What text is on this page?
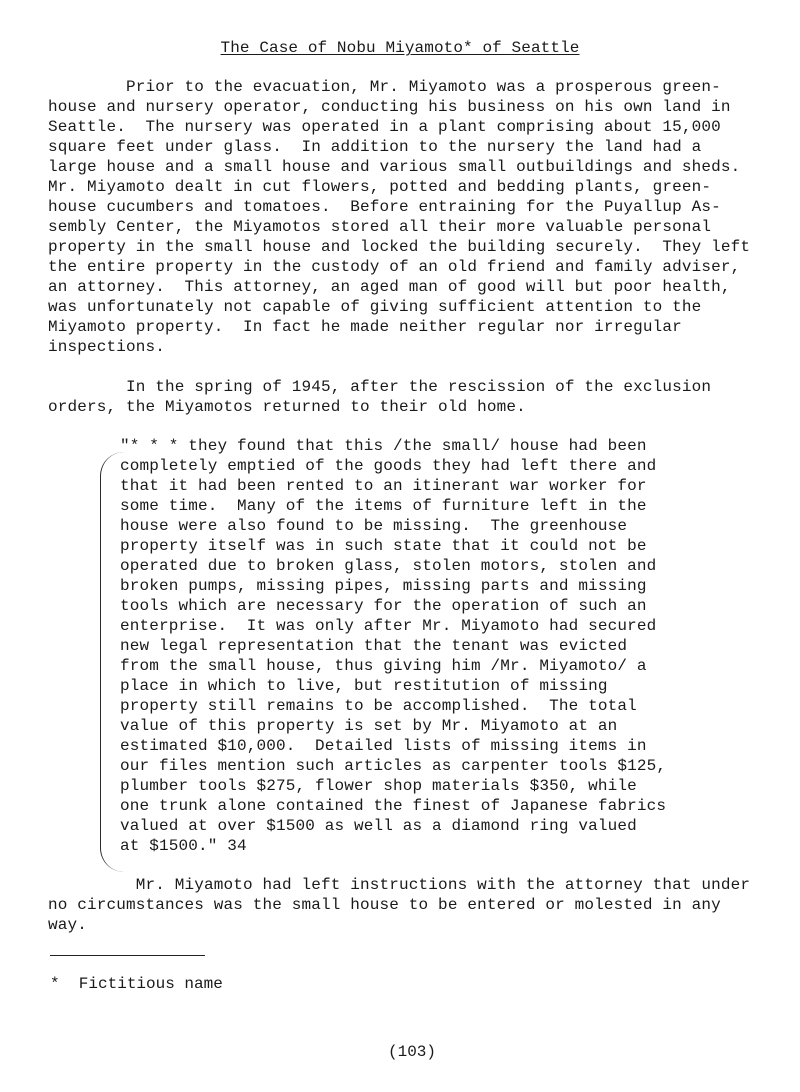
The Case of Nobu Miyamoto* of Seattle
Prior to the evacuation, Mr. Miyamoto was a prosperous green-
house and nursery operator, conducting his business on his own land in
Seattle.  The nursery was operated in a plant comprising about 15,000
square feet under glass.  In addition to the nursery the land had a
large house and a small house and various small outbuildings and sheds.
Mr. Miyamoto dealt in cut flowers, potted and bedding plants, green-
house cucumbers and tomatoes.  Before entraining for the Puyallup As-
sembly Center, the Miyamotos stored all their more valuable personal
property in the small house and locked the building securely.  They left
the entire property in the custody of an old friend and family adviser,
an attorney.  This attorney, an aged man of good will but poor health,
was unfortunately not capable of giving sufficient attention to the
Miyamoto property.  In fact he made neither regular nor irregular
inspections.
In the spring of 1945, after the rescission of the exclusion
orders, the Miyamotos returned to their old home.
"* * * they found that this /the small/ house had been
completely emptied of the goods they had left there and
that it had been rented to an itinerant war worker for
some time.  Many of the items of furniture left in the
house were also found to be missing.  The greenhouse
property itself was in such state that it could not be
operated due to broken glass, stolen motors, stolen and
broken pumps, missing pipes, missing parts and missing
tools which are necessary for the operation of such an
enterprise.  It was only after Mr. Miyamoto had secured
new legal representation that the tenant was evicted
from the small house, thus giving him /Mr. Miyamoto/ a
place in which to live, but restitution of missing
property still remains to be accomplished.  The total
value of this property is set by Mr. Miyamoto at an
estimated $10,000.  Detailed lists of missing items in
our files mention such articles as carpenter tools $125,
plumber tools $275, flower shop materials $350, while
one trunk alone contained the finest of Japanese fabrics
valued at over $1500 as well as a diamond ring valued
at $1500." 34
Mr. Miyamoto had left instructions with the attorney that under
no circumstances was the small house to be entered or molested in any
way.
*  Fictitious name
(103)
